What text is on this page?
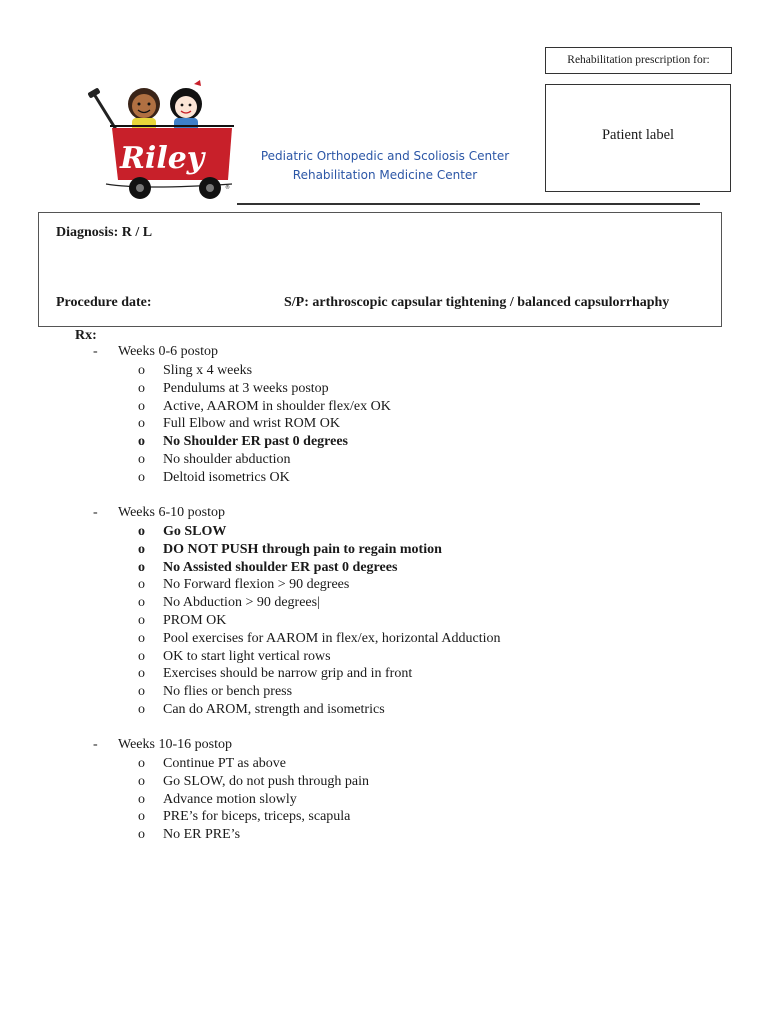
Rehabilitation prescription for:
Patient label
Riley
®
Pediatric Orthopedic and Scoliosis Center
Rehabilitation Medicine Center
Diagnosis: R / L
Procedure date:	S/P: arthroscopic capsular tightening / balanced capsulorrhaphy
Rx:
- Weeks 0-6 postop
o Sling x 4 weeks
o Pendulums at 3 weeks postop
o Active, AAROM in shoulder flex/ex OK
o Full Elbow and wrist ROM OK
o No Shoulder ER past 0 degrees
o No shoulder abduction
o Deltoid isometrics OK
- Weeks 6-10 postop
o Go SLOW
o DO NOT PUSH through pain to regain motion
o No Assisted shoulder ER past 0 degrees
o No Forward flexion > 90 degrees
o No Abduction > 90 degrees|
o PROM OK
o Pool exercises for AAROM in flex/ex, horizontal Adduction
o OK to start light vertical rows
o Exercises should be narrow grip and in front
o No flies or bench press
o Can do AROM, strength and isometrics
- Weeks 10-16 postop
o Continue PT as above
o Go SLOW, do not push through pain
o Advance motion slowly
o PRE’s for biceps, triceps, scapula
o No ER PRE’s
